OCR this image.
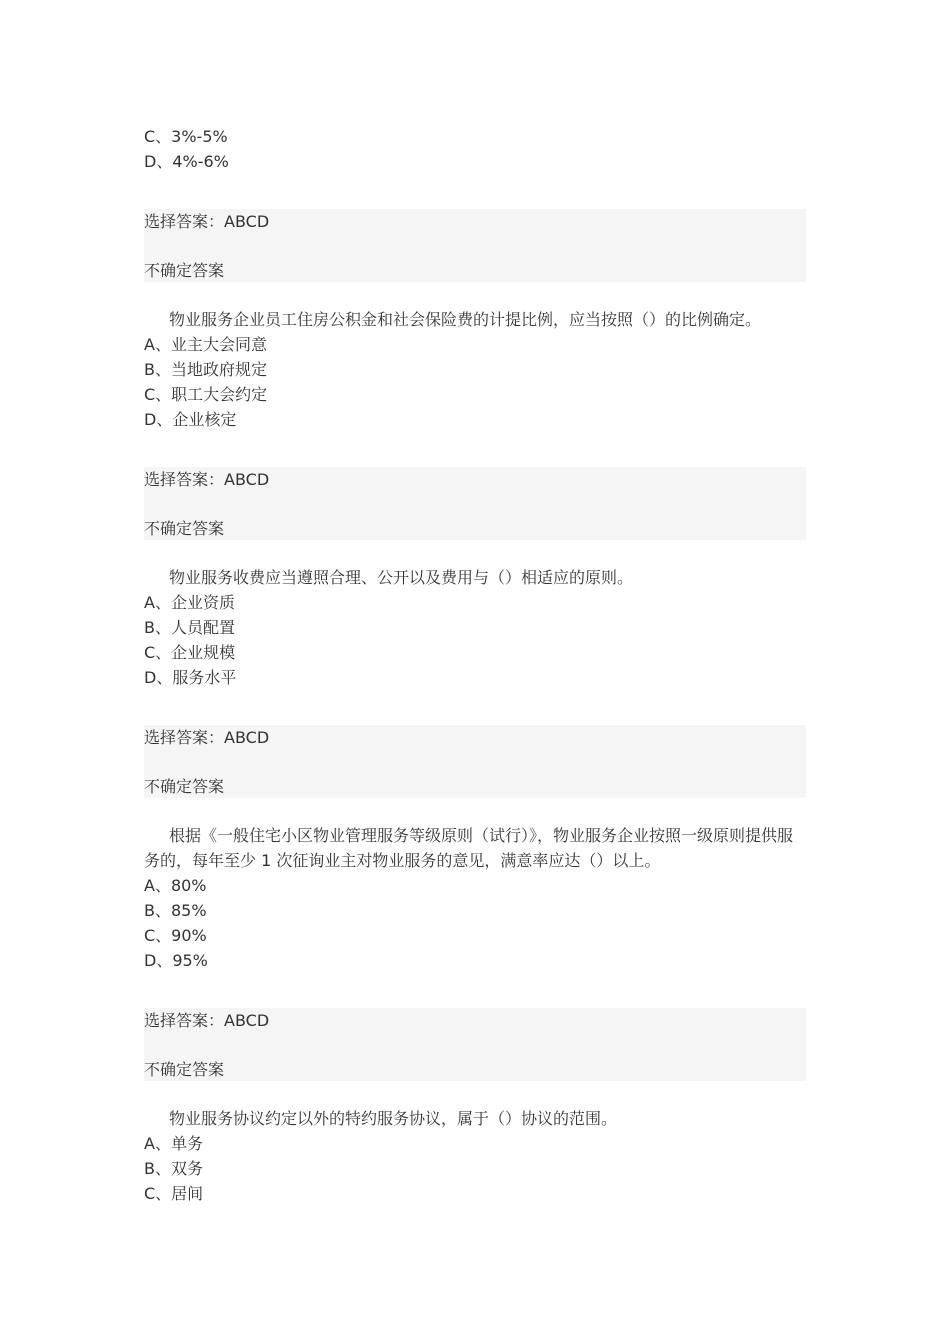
C、3%-5%
D、4%-6%
选择答案：ABCD
不确定答案
物业服务企业员工住房公积金和社会保险费的计提比例，应当按照（）的比例确定。
A、业主大会同意
B、当地政府规定
C、职工大会约定
D、企业核定
选择答案：ABCD
不确定答案
物业服务收费应当遵照合理、公开以及费用与（）相适应的原则。
A、企业资质
B、人员配置
C、企业规模
D、服务水平
选择答案：ABCD
不确定答案
根据《一般住宅小区物业管理服务等级原则（试行）》，物业服务企业按照一级原则提供服务的，每年至少 1 次征询业主对物业服务的意见，满意率应达（）以上。
A、80%
B、85%
C、90%
D、95%
选择答案：ABCD
不确定答案
物业服务协议约定以外的特约服务协议，属于（）协议的范围。
A、单务
B、双务
C、居间
